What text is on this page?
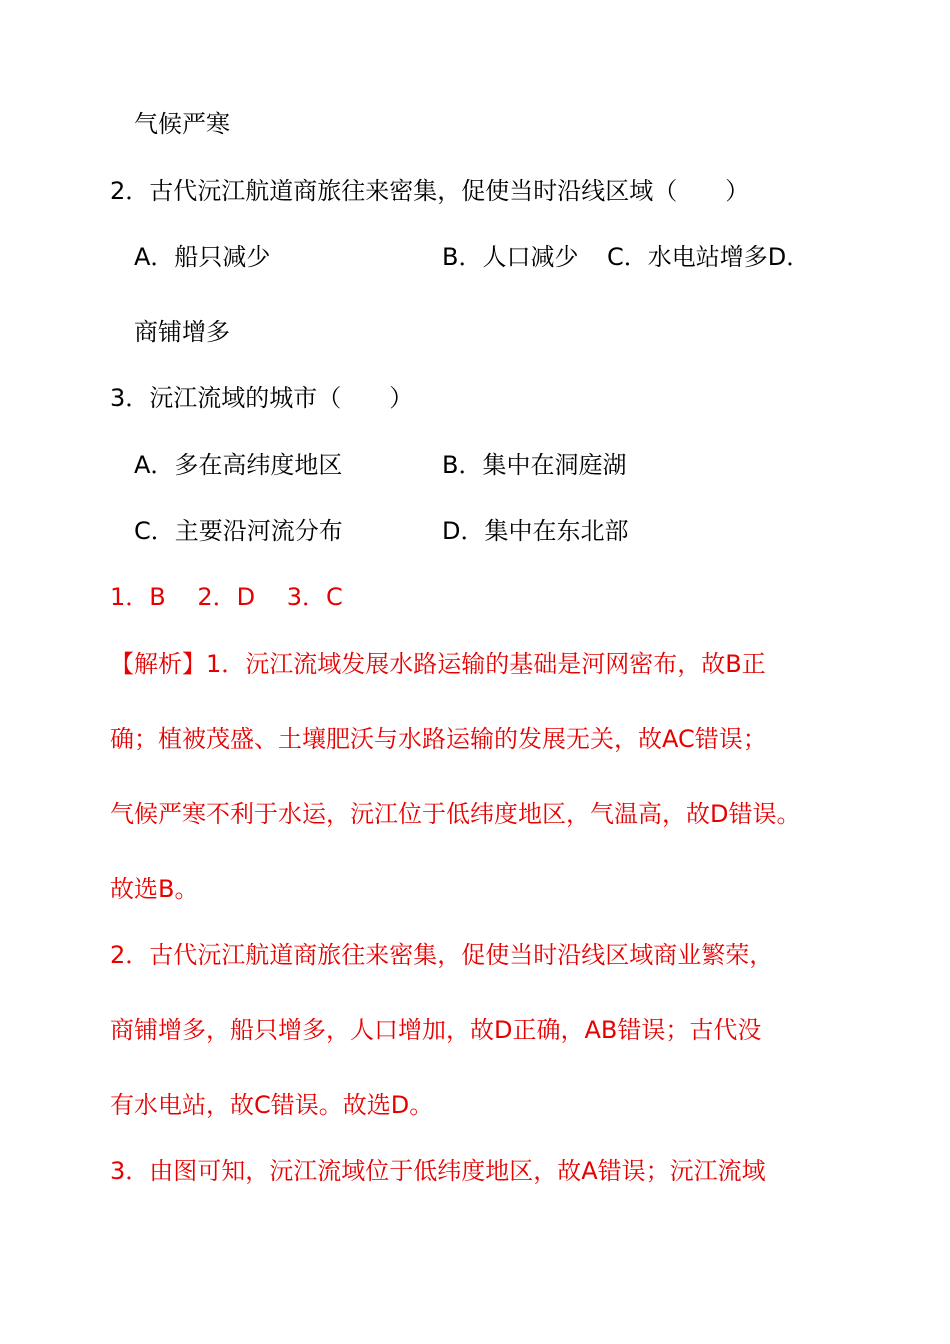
气候严寒
2．古代沅江航道商旅往来密集，促使当时沿线区域（　　）
A．船只减少	B．人口减少 C．水电站增多D．
商铺增多
3．沅江流域的城市（　　）
A．多在高纬度地区	B．集中在洞庭湖
C．主要沿河流分布	D．集中在东北部
1．B　 2．D　 3．C
【解析】1．沅江流域发展水路运输的基础是河网密布，故B正
确；植被茂盛、土壤肥沃与水路运输的发展无关，故AC错误；
气候严寒不利于水运，沅江位于低纬度地区，气温高，故D错误。
故选B。
2．古代沅江航道商旅往来密集，促使当时沿线区域商业繁荣，
商铺增多，船只增多，人口增加，故D正确，AB错误；古代没
有水电站，故C错误。故选D。
3．由图可知，沅江流域位于低纬度地区，故A错误；沅江流域
